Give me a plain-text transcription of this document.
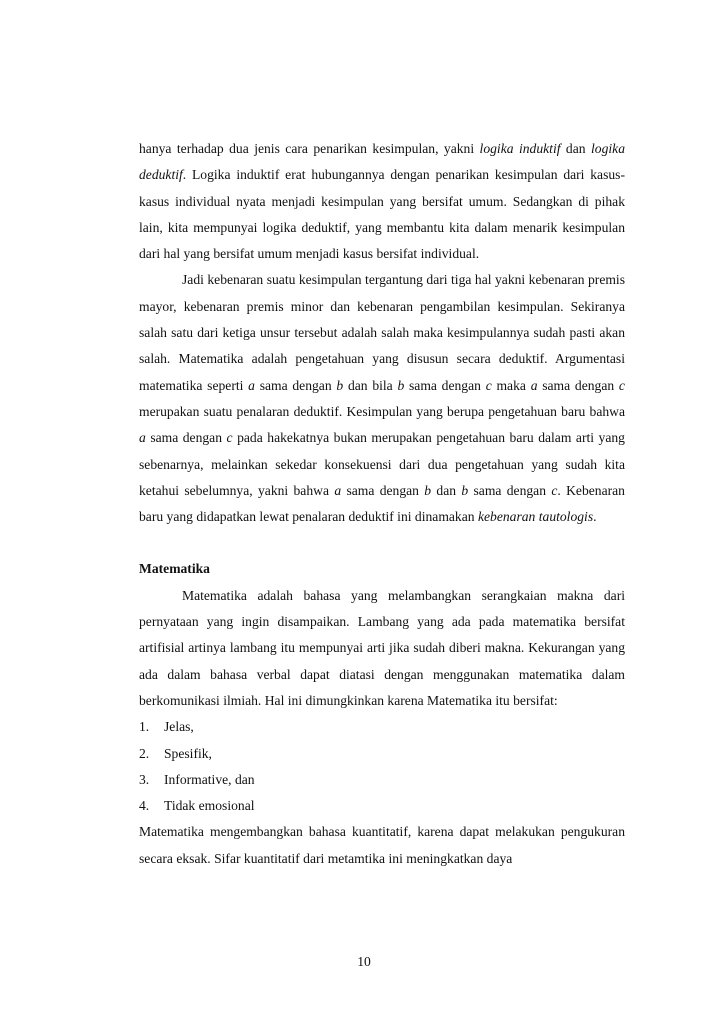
hanya terhadap dua jenis cara penarikan kesimpulan, yakni logika induktif dan logika deduktif. Logika induktif erat hubungannya dengan penarikan kesimpulan dari kasus-kasus individual nyata menjadi kesimpulan yang bersifat umum. Sedangkan di pihak lain, kita mempunyai logika deduktif, yang membantu kita dalam menarik kesimpulan dari hal yang bersifat umum menjadi kasus bersifat individual.

Jadi kebenaran suatu kesimpulan tergantung dari tiga hal yakni kebenaran premis mayor, kebenaran premis minor dan kebenaran pengambilan kesimpulan. Sekiranya salah satu dari ketiga unsur tersebut adalah salah maka kesimpulannya sudah pasti akan salah. Matematika adalah pengetahuan yang disusun secara deduktif. Argumentasi matematika seperti a sama dengan b dan bila b sama dengan c maka a sama dengan c merupakan suatu penalaran deduktif. Kesimpulan yang berupa pengetahuan baru bahwa a sama dengan c pada hakekatnya bukan merupakan pengetahuan baru dalam arti yang sebenarnya, melainkan sekedar konsekuensi dari dua pengetahuan yang sudah kita ketahui sebelumnya, yakni bahwa a sama dengan b dan b sama dengan c. Kebenaran baru yang didapatkan lewat penalaran deduktif ini dinamakan kebenaran tautologis.

Matematika

Matematika adalah bahasa yang melambangkan serangkaian makna dari pernyataan yang ingin disampaikan. Lambang yang ada pada matematika bersifat artifisial artinya lambang itu mempunyai arti jika sudah diberi makna. Kekurangan yang ada dalam bahasa verbal dapat diatasi dengan menggunakan matematika dalam berkomunikasi ilmiah. Hal ini dimungkinkan karena Matematika itu bersifat:

1.	Jelas,
2.	Spesifik,
3.	Informative, dan
4.	Tidak emosional

Matematika mengembangkan bahasa kuantitatif, karena dapat melakukan pengukuran secara eksak. Sifar kuantitatif dari metamtika ini meningkatkan daya

10
